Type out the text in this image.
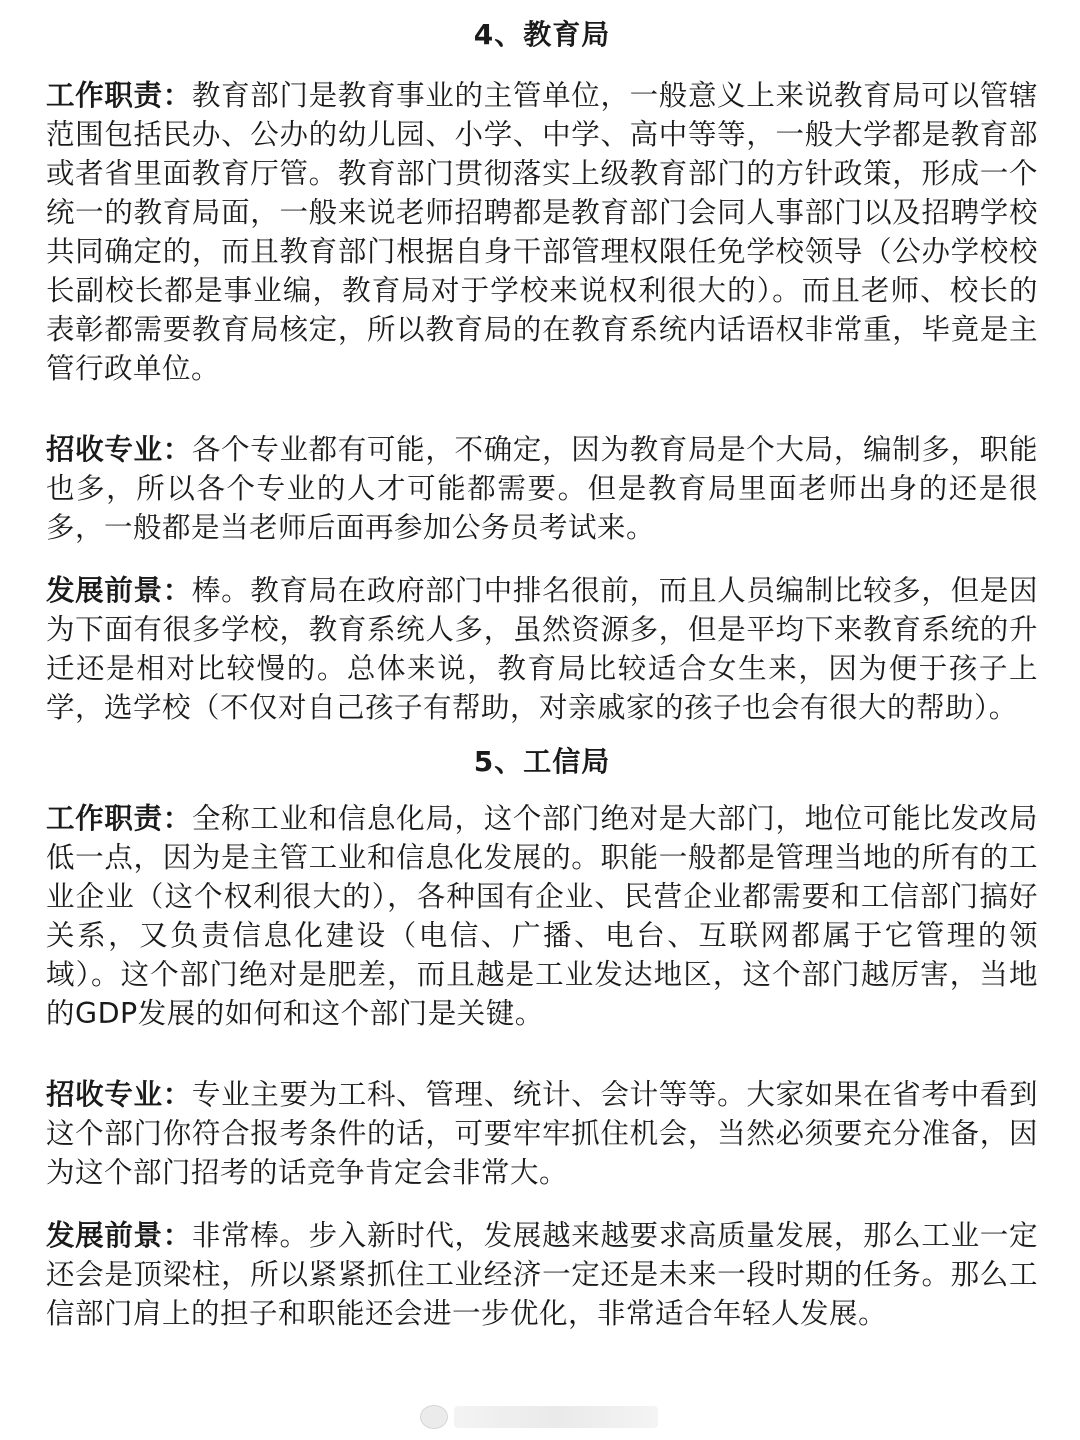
4、教育局

工作职责：教育部门是教育事业的主管单位，一般意义上来说教育局可以管辖范围包括民办、公办的幼儿园、小学、中学、高中等等，一般大学都是教育部或者省里面教育厅管。教育部门贯彻落实上级教育部门的方针政策，形成一个统一的教育局面，一般来说老师招聘都是教育部门会同人事部门以及招聘学校共同确定的，而且教育部门根据自身干部管理权限任免学校领导（公办学校校长副校长都是事业编，教育局对于学校来说权利很大的）。而且老师、校长的表彰都需要教育局核定，所以教育局的在教育系统内话语权非常重，毕竟是主管行政单位。

招收专业：各个专业都有可能，不确定，因为教育局是个大局，编制多，职能也多，所以各个专业的人才可能都需要。但是教育局里面老师出身的还是很多，一般都是当老师后面再参加公务员考试来。

发展前景：棒。教育局在政府部门中排名很前，而且人员编制比较多，但是因为下面有很多学校，教育系统人多，虽然资源多，但是平均下来教育系统的升迁还是相对比较慢的。总体来说，教育局比较适合女生来，因为便于孩子上学，选学校（不仅对自己孩子有帮助，对亲戚家的孩子也会有很大的帮助）。

5、工信局

工作职责：全称工业和信息化局，这个部门绝对是大部门，地位可能比发改局低一点，因为是主管工业和信息化发展的。职能一般都是管理当地的所有的工业企业（这个权利很大的），各种国有企业、民营企业都需要和工信部门搞好关系，又负责信息化建设（电信、广播、电台、互联网都属于它管理的领域）。这个部门绝对是肥差，而且越是工业发达地区，这个部门越厉害，当地的GDP发展的如何和这个部门是关键。

招收专业：专业主要为工科、管理、统计、会计等等。大家如果在省考中看到这个部门你符合报考条件的话，可要牢牢抓住机会，当然必须要充分准备，因为这个部门招考的话竞争肯定会非常大。

发展前景：非常棒。步入新时代，发展越来越要求高质量发展，那么工业一定还会是顶梁柱，所以紧紧抓住工业经济一定还是未来一段时期的任务。那么工信部门肩上的担子和职能还会进一步优化，非常适合年轻人发展。
